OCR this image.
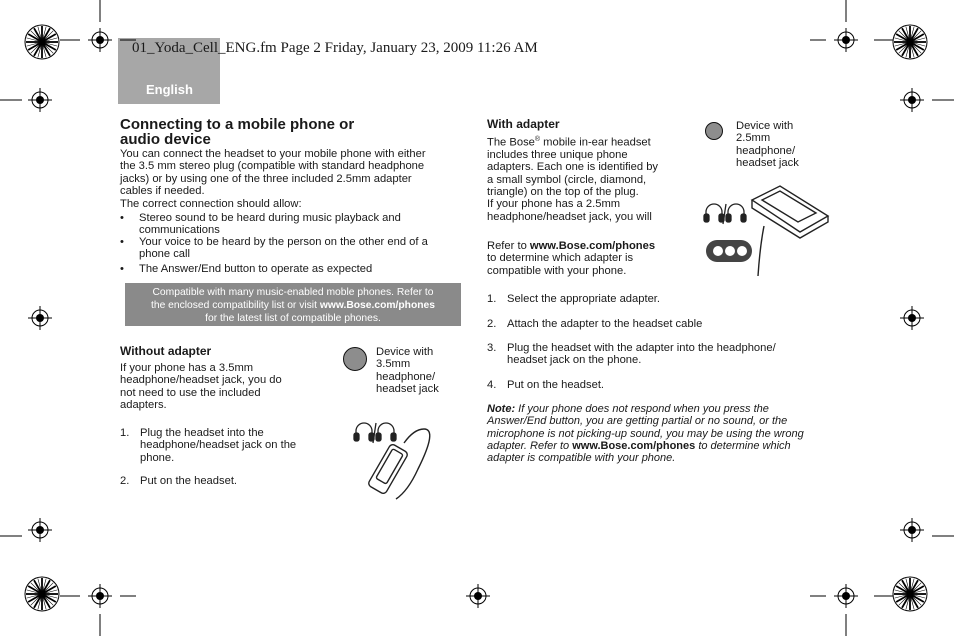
English
01_Yoda_Cell_ENG.fm Page 2 Friday, January 23, 2009 11:26 AM
Connecting to a mobile phone or
audio device
You can connect the headset to your mobile phone with either
the 3.5 mm stereo plug (compatible with standard headphone
jacks) or by using one of the three included 2.5mm adapter
cables if needed.
The correct connection should allow:
• Stereo sound to be heard during music playback and
communications
• Your voice to be heard by the person on the other end of a
phone call
• The Answer/End button to operate as expected
Compatible with many music-enabled moble phones. Refer to
the enclosed compatibility list or visit www.Bose.com/phones
for the latest list of compatible phones.
Without adapter
If your phone has a 3.5mm
headphone/headset jack, you do
not need to use the included
adapters.
1. Plug the headset into the
headphone/headset jack on the
phone.
2. Put on the headset.
Device with
3.5mm
headphone/
headset jack
With adapter
The Bose® mobile in-ear headset
includes three unique phone
adapters. Each one is identified by
a small symbol (circle, diamond,
triangle) on the top of the plug.
If your phone has a 2.5mm
headphone/headset jack, you will
Refer to www.Bose.com/phones
to determine which adapter is
compatible with your phone.
Device with
2.5mm
headphone/
headset jack
1. Select the appropriate adapter.
2. Attach the adapter to the headset cable
3. Plug the headset with the adapter into the headphone/
headset jack on the phone.
4. Put on the headset.
Note: If your phone does not respond when you press the
Answer/End button, you are getting partial or no sound, or the
microphone is not picking-up sound, you may be using the wrong
adapter. Refer to www.Bose.com/phones to determine which
adapter is compatible with your phone.
